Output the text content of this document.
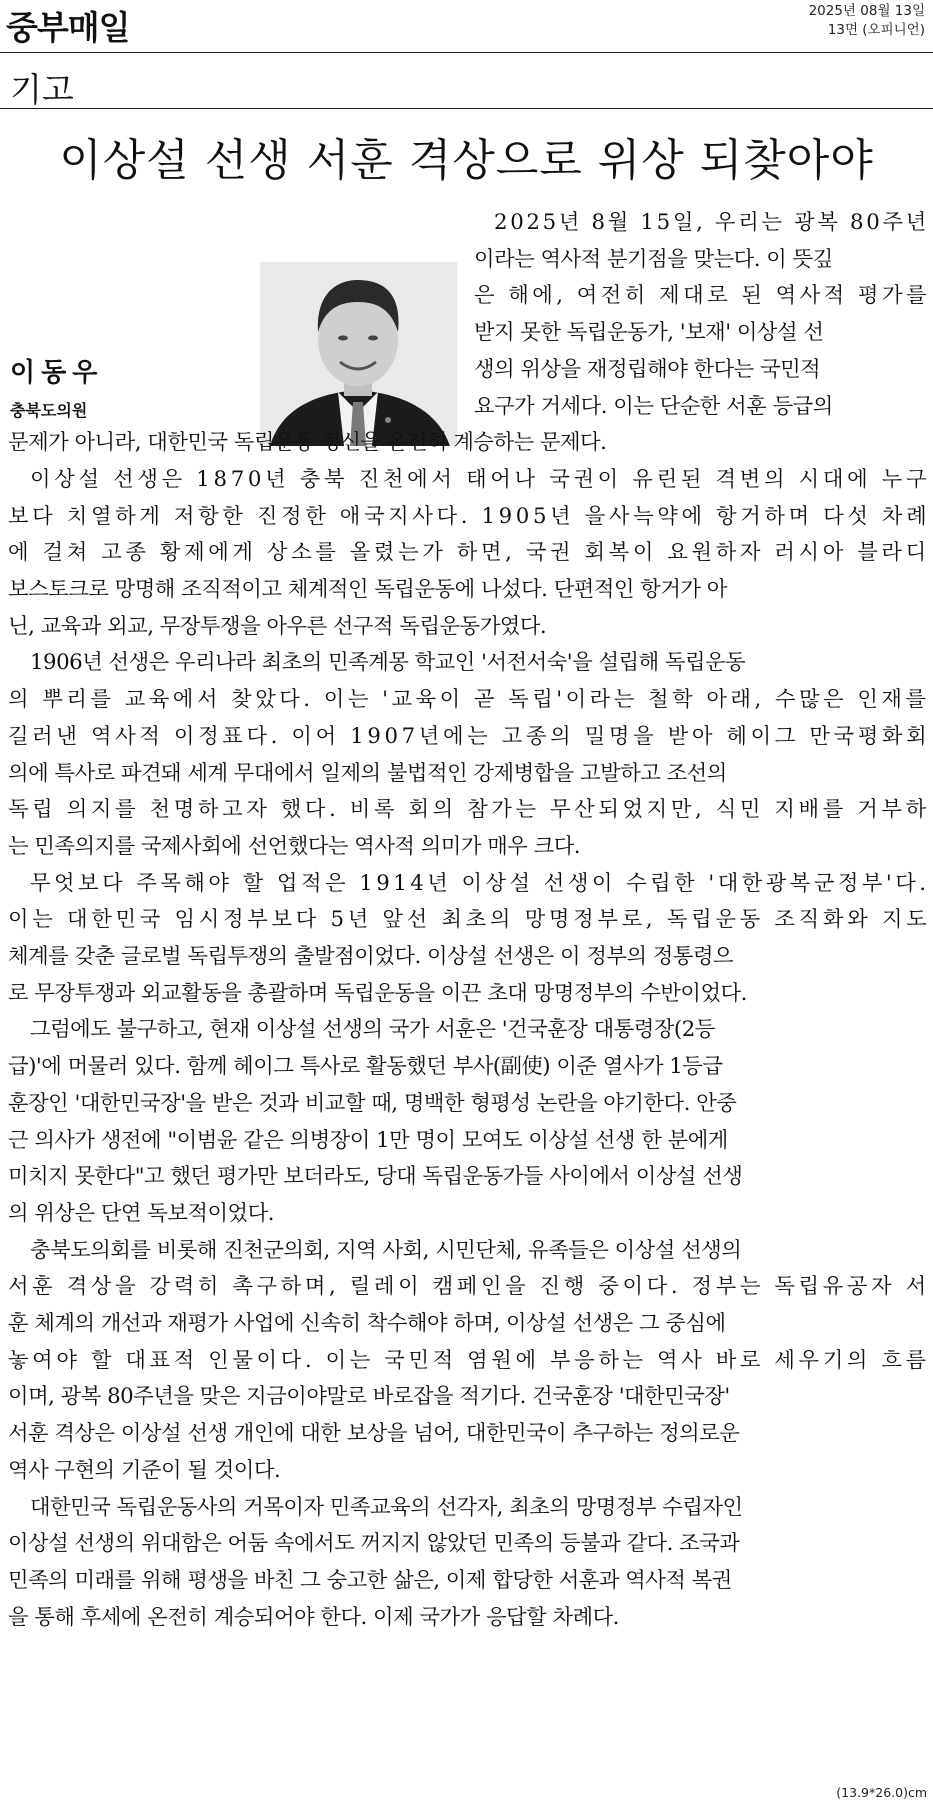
중부매일	2025년 08월 13일
13면 (오피니언)
기고
이상설 선생 서훈 격상으로 위상 되찾아야
이동우
충북도의원
2025년 8월 15일, 우리는 광복 80주년
이라는 역사적 분기점을 맞는다. 이 뜻깊
은 해에, 여전히 제대로 된 역사적 평가를
받지 못한 독립운동가, '보재' 이상설 선
생의 위상을 재정립해야 한다는 국민적
요구가 거세다. 이는 단순한 서훈 등급의
문제가 아니라, 대한민국 독립운동 정신을 온전히 계승하는 문제다.
이상설 선생은 1870년 충북 진천에서 태어나 국권이 유린된 격변의 시대에 누구
보다 치열하게 저항한 진정한 애국지사다. 1905년 을사늑약에 항거하며 다섯 차례
에 걸쳐 고종 황제에게 상소를 올렸는가 하면, 국권 회복이 요원하자 러시아 블라디
보스토크로 망명해 조직적이고 체계적인 독립운동에 나섰다. 단편적인 항거가 아
닌, 교육과 외교, 무장투쟁을 아우른 선구적 독립운동가였다.
1906년 선생은 우리나라 최초의 민족계몽 학교인 '서전서숙'을 설립해 독립운동
의 뿌리를 교육에서 찾았다. 이는 '교육이 곧 독립'이라는 철학 아래, 수많은 인재를
길러낸 역사적 이정표다. 이어 1907년에는 고종의 밀명을 받아 헤이그 만국평화회
의에 특사로 파견돼 세계 무대에서 일제의 불법적인 강제병합을 고발하고 조선의
독립 의지를 천명하고자 했다. 비록 회의 참가는 무산되었지만, 식민 지배를 거부하
는 민족의지를 국제사회에 선언했다는 역사적 의미가 매우 크다.
무엇보다 주목해야 할 업적은 1914년 이상설 선생이 수립한 '대한광복군정부'다.
이는 대한민국 임시정부보다 5년 앞선 최초의 망명정부로, 독립운동 조직화와 지도
체계를 갖춘 글로벌 독립투쟁의 출발점이었다. 이상설 선생은 이 정부의 정통령으
로 무장투쟁과 외교활동을 총괄하며 독립운동을 이끈 초대 망명정부의 수반이었다.
그럼에도 불구하고, 현재 이상설 선생의 국가 서훈은 '건국훈장 대통령장(2등
급)'에 머물러 있다. 함께 헤이그 특사로 활동했던 부사(副使) 이준 열사가 1등급
훈장인 '대한민국장'을 받은 것과 비교할 때, 명백한 형평성 논란을 야기한다. 안중
근 의사가 생전에 "이범윤 같은 의병장이 1만 명이 모여도 이상설 선생 한 분에게
미치지 못한다"고 했던 평가만 보더라도, 당대 독립운동가들 사이에서 이상설 선생
의 위상은 단연 독보적이었다.
충북도의회를 비롯해 진천군의회, 지역 사회, 시민단체, 유족들은 이상설 선생의
서훈 격상을 강력히 촉구하며, 릴레이 캠페인을 진행 중이다. 정부는 독립유공자 서
훈 체계의 개선과 재평가 사업에 신속히 착수해야 하며, 이상설 선생은 그 중심에
놓여야 할 대표적 인물이다. 이는 국민적 염원에 부응하는 역사 바로 세우기의 흐름
이며, 광복 80주년을 맞은 지금이야말로 바로잡을 적기다. 건국훈장 '대한민국장'
서훈 격상은 이상설 선생 개인에 대한 보상을 넘어, 대한민국이 추구하는 정의로운
역사 구현의 기준이 될 것이다.
대한민국 독립운동사의 거목이자 민족교육의 선각자, 최초의 망명정부 수립자인
이상설 선생의 위대함은 어둠 속에서도 꺼지지 않았던 민족의 등불과 같다. 조국과
민족의 미래를 위해 평생을 바친 그 숭고한 삶은, 이제 합당한 서훈과 역사적 복권
을 통해 후세에 온전히 계승되어야 한다. 이제 국가가 응답할 차례다.
(13.9*26.0)cm
